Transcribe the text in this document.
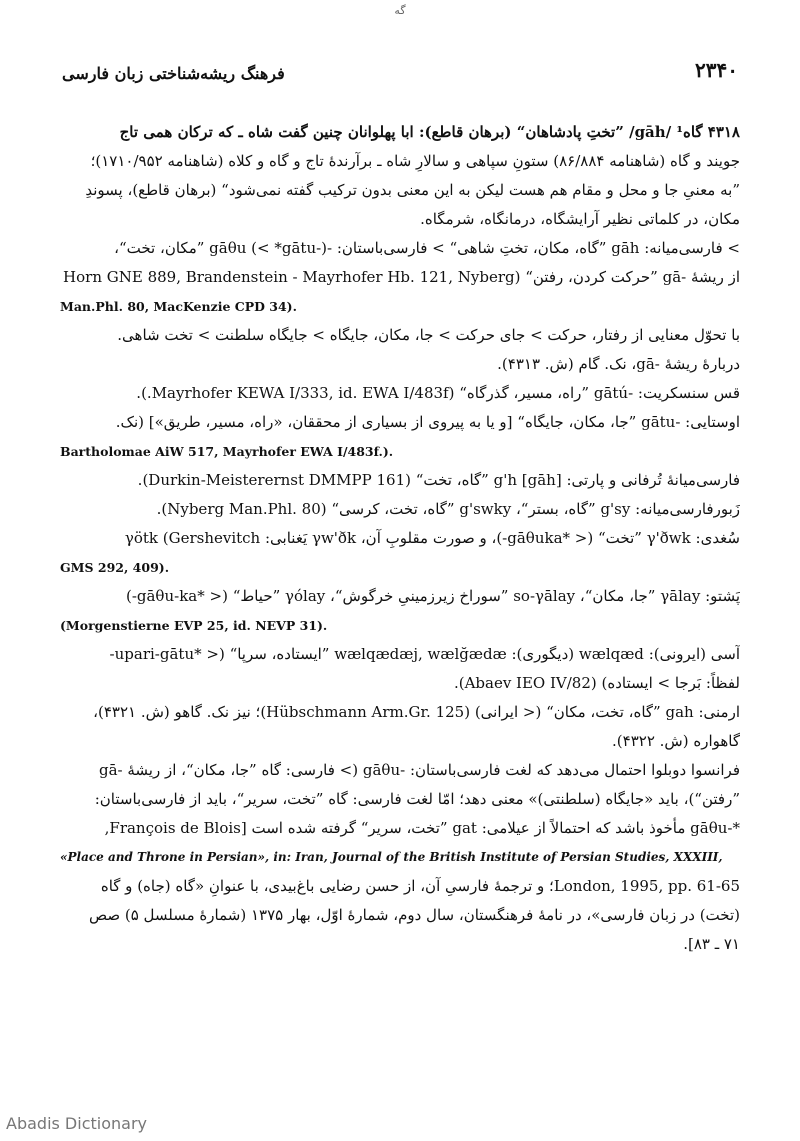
گه
۲۳۴۰
فرهنگ ریشه‌شناختی زبان فارسی

۴۳۱۸ گاه¹ /gāh/ ”تختِ پادشاهان“ (برهان قاطع): ابا پهلوانان چنین گفت شاه ـ که ترکان همی تاج

جویند و گاه (شاهنامه ۸۶/۸۸۴) ستونِ سپاهی و سالارِ شاه ـ برآرندهٔ تاج و گاه و کلاه (شاهنامه ۱۷۱۰/۹۵۲)؛

”به معنیِ جا و محل و مقام هم هست لیکن به این معنی بدون ترکیب گفته نمی‌شود“ (برهان قاطع)، پسوندِ

مکان، در کلماتی نظیر آرایشگاه، درمانگاه، شرمگاه.

> فارسی‌میانه: gāh ”گاه، مکان، تختِ شاهی“ > فارسی‌باستان: -gāθu (< *gātu-) ”مکان، تخت“،

از ریشهٔ -gā ”حرکت کردن، رفتن“ (Horn GNE 889, Brandenstein - Mayrhofer Hb. 121, Nyberg

Man.Phl. 80, MacKenzie CPD 34).

با تحوّل معنایی از رفتار، حرکت > جای حرکت > جا، مکان، جایگاه > جایگاه سلطنت > تخت شاهی.

دربارهٔ ریشهٔ -gā، نک. گام (ش. ۴۳۱۳).

قس سنسکریت: -gātú ”راه، مسیر، گذرگاه“ (Mayrhofer KEWA I/333, id. EWA I/483f.).

اوستایی: -gātu ”جا، مکان، جایگاه“ [و یا به پیروی از بسیاری از محققان، «راه، مسیر، طریق»] (نک.

Bartholomae AiW 517, Mayrhofer EWA I/483f.).

فارسی‌میانهٔ تُرفانی و پارتی: g'h [gāh] ”گاه، تخت“ (Durkin-Meisterernst DMMPP 161).

زَبورفارسی‌میانه: g'sy ”گاه، بستر“، g'swky ”گاه، تخت، کرسی“ (Nyberg Man.Phl. 80).

سُغدی: γ'ðwk ”تخت“ (< *gāθuka-)، و صورت مقلوبِ آن، γw'ðk یَغنابی: γötk (Gershevitch

GMS 292, 409).

پَشتو: γālay ”جا، مکان“، so-γālay ”سوراخ زیرزمینیِ خرگوش“، γólay ”حیاط“ (< *gāθu-ka-)

(Morgenstierne EVP 25, id. NEVP 31).

آسی (ایرونی): wælqæd (دیگوری): wælqædæj, wælğædæ ”ایستاده، سرپا“ (< *upari-gātu-

لفظاً: بَرجا > ایستاده) (Abaev IEO IV/82).

ارمنی: gah ”گاه، تخت، مکان“ (< ایرانی) (Hübschmann Arm.Gr. 125)؛ نیز نک. گاهو (ش. ۴۳۲۱)،

گاهواره (ش. ۴۳۲۲).

فرانسوا دوبلوا احتمال می‌دهد که لغت فارسی‌باستان: -gāθu (> فارسی: گاه ”جا، مکان“، از ریشهٔ -gā

”رفتن“)، باید «جایگاه (سلطنتی)» معنی دهد؛ امّا لغت فارسی: گاه ”تخت، سریر“، باید از فارسی‌باستان:

*-gāθu مأخوذ باشد که احتمالاً از عیلامی: gat ”تخت، سریر“ گرفته شده است [François de Blois,

«Place and Throne in Persian», in: Iran, Journal of the British Institute of Persian Studies, XXXIII,

London, 1995, pp. 61-65؛ و ترجمهٔ فارسیِ آن، از حسن رضایی باغ‌بیدی، با عنوانِ «گاه (جاه) و گاه

(تخت) در زبان فارسی»، در نامهٔ فرهنگستان، سال دوم، شمارهٔ اوّل، بهار ۱۳۷۵ (شمارهٔ مسلسل ۵) صص

۷۱ ـ ۸۳].

Abadis Dictionary
